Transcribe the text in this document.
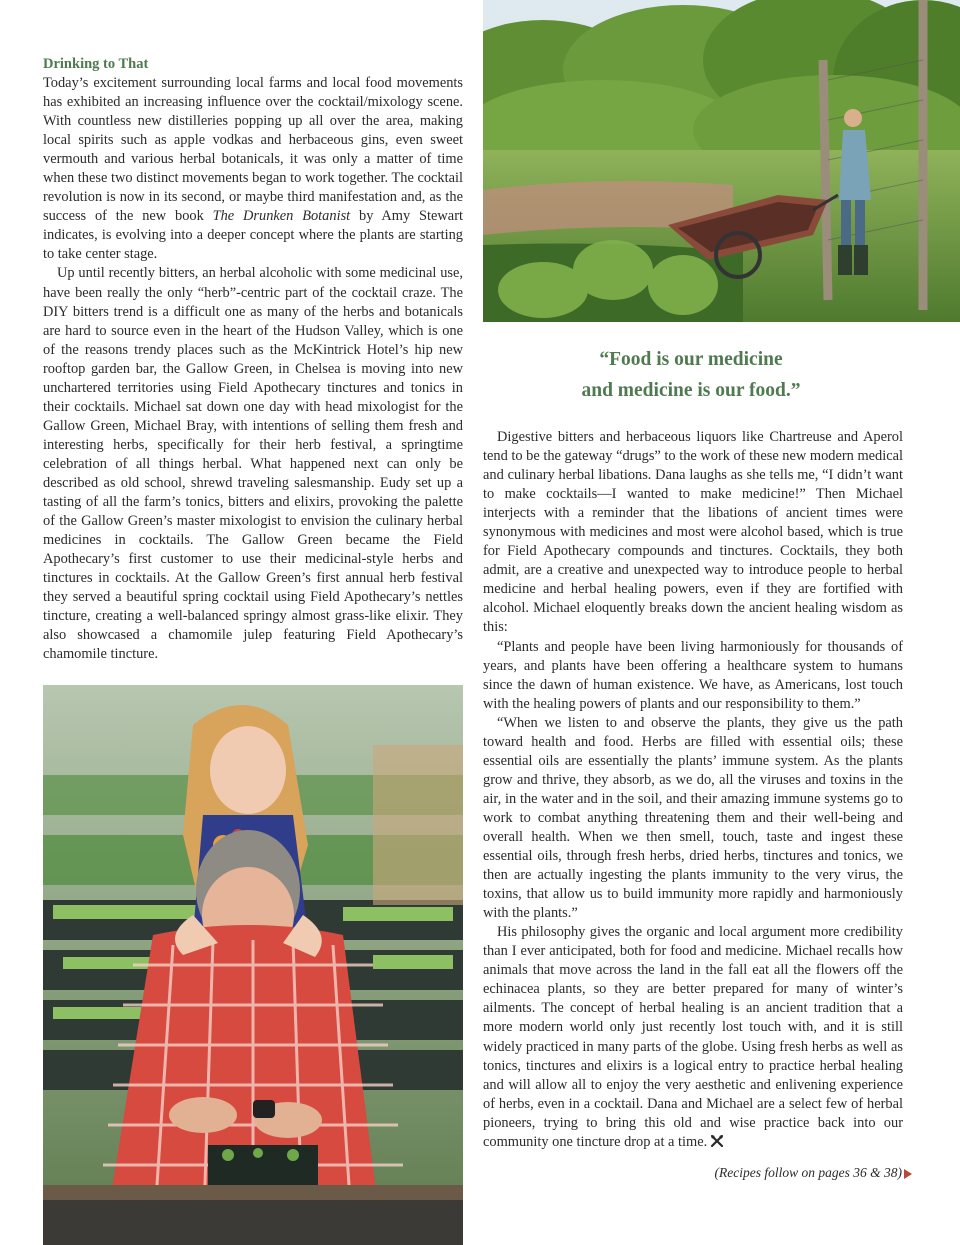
Drinking to That

Today’s excitement surrounding local farms and local food movements has exhibited an increasing influence over the cocktail/mixology scene. With countless new distilleries popping up all over the area, making local spirits such as apple vodkas and herbaceous gins, even sweet vermouth and various herbal botanicals, it was only a matter of time when these two distinct movements began to work together. The cocktail revolution is now in its second, or maybe third manifestation and, as the success of the new book The Drunken Botanist by Amy Stewart indicates, is evolving into a deeper concept where the plants are starting to take center stage.

Up until recently bitters, an herbal alcoholic with some medicinal use, have been really the only “herb”-centric part of the cocktail craze. The DIY bitters trend is a difficult one as many of the herbs and botanicals are hard to source even in the heart of the Hudson Valley, which is one of the reasons trendy places such as the McKintrick Hotel’s hip new rooftop garden bar, the Gallow Green, in Chelsea is moving into new unchartered territories using Field Apothecary tinctures and tonics in their cocktails. Michael sat down one day with head mixologist for the Gallow Green, Michael Bray, with intentions of selling them fresh and interesting herbs, specifically for their herb festival, a springtime celebration of all things herbal. What happened next can only be described as old school, shrewd traveling salesmanship. Eudy set up a tasting of all the farm’s tonics, bitters and elixirs, provoking the palette of the Gallow Green’s master mixologist to envision the culinary herbal medicines in cocktails. The Gallow Green became the Field Apothecary’s first customer to use their medicinal-style herbs and tinctures in cocktails. At the Gallow Green’s first annual herb festival they served a beautiful spring cocktail using Field Apothecary’s nettles tincture, creating a well-balanced springy almost grass-like elixir. They also showcased a chamomile julep featuring Field Apothecary’s chamomile tincture.

“Food is our medicine
and medicine is our food.”

Digestive bitters and herbaceous liquors like Chartreuse and Aperol tend to be the gateway “drugs” to the work of these new modern medical and culinary herbal libations. Dana laughs as she tells me, “I didn’t want to make cocktails—I wanted to make medicine!” Then Michael interjects with a reminder that the libations of ancient times were synonymous with medicines and most were alcohol based, which is true for Field Apothecary compounds and tinctures. Cocktails, they both admit, are a creative and unexpected way to introduce people to herbal medicine and herbal healing powers, even if they are fortified with alcohol. Michael eloquently breaks down the ancient healing wisdom as this:

“Plants and people have been living harmoniously for thousands of years, and plants have been offering a healthcare system to humans since the dawn of human existence. We have, as Americans, lost touch with the healing powers of plants and our responsibility to them.”

“When we listen to and observe the plants, they give us the path toward health and food. Herbs are filled with essential oils; these essential oils are essentially the plants’ immune system. As the plants grow and thrive, they absorb, as we do, all the viruses and toxins in the air, in the water and in the soil, and their amazing immune systems go to work to combat anything threatening them and their well-being and overall health. When we then smell, touch, taste and ingest these essential oils, through fresh herbs, dried herbs, tinctures and tonics, we then are actually ingesting the plants immunity to the very virus, the toxins, that allow us to build immunity more rapidly and harmoniously with the plants.”

His philosophy gives the organic and local argument more credibility than I ever anticipated, both for food and medicine. Michael recalls how animals that move across the land in the fall eat all the flowers off the echinacea plants, so they are better prepared for many of winter’s ailments. The concept of herbal healing is an ancient tradition that a more modern world only just recently lost touch with, and it is still widely practiced in many parts of the globe. Using fresh herbs as well as tonics, tinctures and elixirs is a logical entry to practice herbal healing and will allow all to enjoy the very aesthetic and enlivening experience of herbs, even in a cocktail. Dana and Michael are a select few of herbal pioneers, trying to bring this old and wise practice back into our community one tincture drop at a time.

(Recipes follow on pages 36 & 38)
